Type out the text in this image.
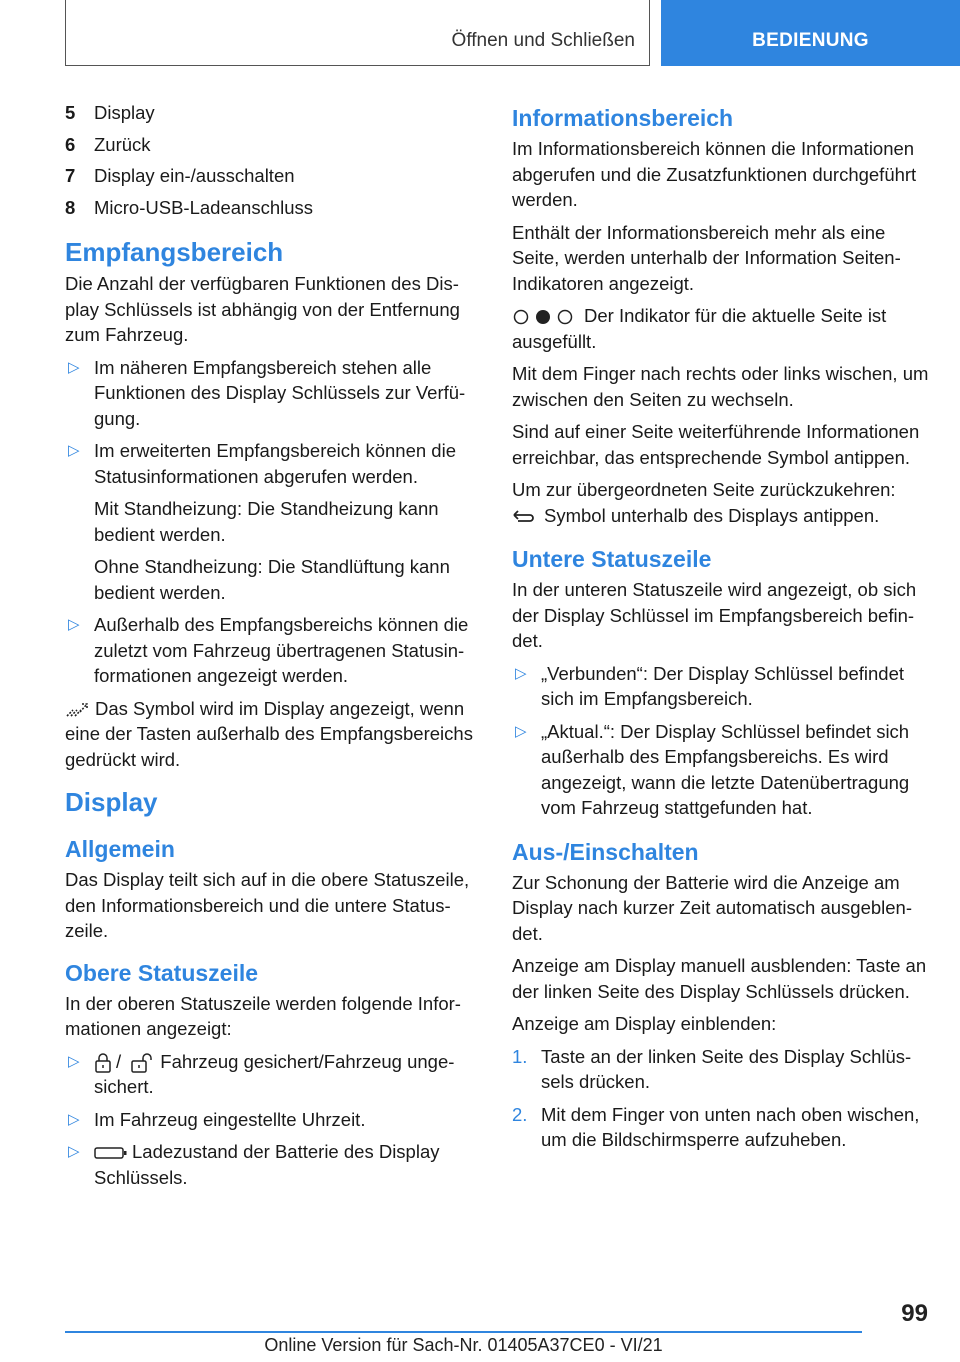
Öffnen und Schließen	BEDIENUNG
5	Display
6	Zurück
7	Display ein-/ausschalten
8	Micro-USB-Ladeanschluss
Empfangsbereich

Die Anzahl der verfügbaren Funktionen des Display Schlüssels ist abhängig von der Entfernung zum Fahrzeug.

▷ Im näheren Empfangsbereich stehen alle Funktionen des Display Schlüssels zur Verfügung.
▷ Im erweiterten Empfangsbereich können die Statusinformationen abgerufen werden.

Mit Standheizung: Die Standheizung kann bedient werden.

Ohne Standheizung: Die Standlüftung kann bedient werden.

▷ Außerhalb des Empfangsbereichs können die zuletzt vom Fahrzeug übertragenen Statusinformationen angezeigt werden.

Das Symbol wird im Display angezeigt, wenn eine der Tasten außerhalb des Empfangsbereichs gedrückt wird.

Display
Allgemein

Das Display teilt sich auf in die obere Statuszeile, den Informationsbereich und die untere Statuszeile.

Obere Statuszeile

In der oberen Statuszeile werden folgende Informationen angezeigt:

▷ / Fahrzeug gesichert/Fahrzeug ungesichert.
▷ Im Fahrzeug eingestellte Uhrzeit.
▷	Ladezustand der Batterie des Display Schlüssels.
Informationsbereich

Im Informationsbereich können die Informationen abgerufen und die Zusatzfunktionen durchgeführt werden.

Enthält der Informationsbereich mehr als eine Seite, werden unterhalb der Information Seiten-Indikatoren angezeigt.

Der Indikator für die aktuelle Seite ist ausgefüllt.

Mit dem Finger nach rechts oder links wischen, um zwischen den Seiten zu wechseln.

Sind auf einer Seite weiterführende Informationen erreichbar, das entsprechende Symbol antippen.

Um zur übergeordneten Seite zurückzukehren:

Symbol unterhalb des Displays antippen.

Untere Statuszeile

In der unteren Statuszeile wird angezeigt, ob sich der Display Schlüssel im Empfangsbereich befindet.

▷ „Verbunden“: Der Display Schlüssel befindet sich im Empfangsbereich.
▷ „Aktual.“: Der Display Schlüssel befindet sich außerhalb des Empfangsbereichs. Es wird angezeigt, wann die letzte Datenübertragung vom Fahrzeug stattgefunden hat.
Aus-/Einschalten

Zur Schonung der Batterie wird die Anzeige am Display nach kurzer Zeit automatisch ausgeblendet.

Anzeige am Display manuell ausblenden: Taste an der linken Seite des Display Schlüssels drücken.

Anzeige am Display einblenden:

1. Taste an der linken Seite des Display Schlüssels drücken.
2. Mit dem Finger von unten nach oben wischen, um die Bildschirmsperre aufzuheben.
99
Online Version für Sach-Nr. 01405A37CE0 - VI/21
